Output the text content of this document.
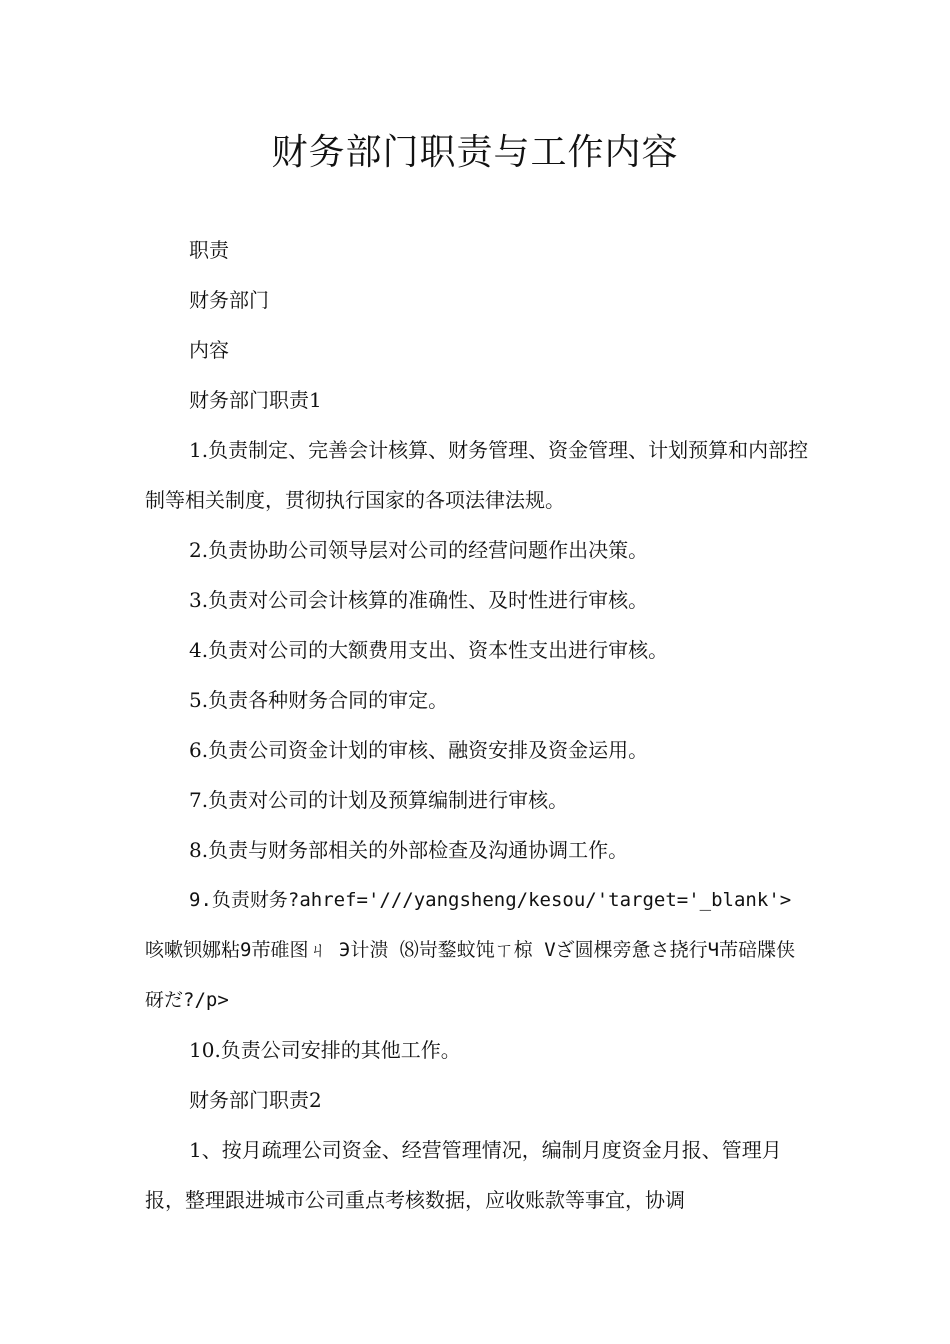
财务部门职责与工作内容

职责

财务部门

内容

财务部门职责1

1.负责制定、完善会计核算、财务管理、资金管理、计划预算和内部控制等相关制度，贯彻执行国家的各项法律法规。

2.负责协助公司领导层对公司的经营问题作出决策。

3.负责对公司会计核算的准确性、及时性进行审核。

4.负责对公司的大额费用支出、资本性支出进行审核。

5.负责各种财务合同的审定。

6.负责公司资金计划的审核、融资安排及资金运用。

7.负责对公司的计划及预算编制进行审核。

8.负责与财务部相关的外部检查及沟通协调工作。

9.负责财务?ahref='///yangsheng/kesou/'target='_blank'>咳嗽钡娜粘9芾碓图ㄐ Э计溃 ⑻岢鍪蚊饨ㄒ椋 Vざ圆棵旁惫さ挠行Ч芾碚牒侠砑だ?/p>

10.负责公司安排的其他工作。

财务部门职责2

1、按月疏理公司资金、经营管理情况，编制月度资金月报、管理月报，整理跟进城市公司重点考核数据，应收账款等事宜，协调
